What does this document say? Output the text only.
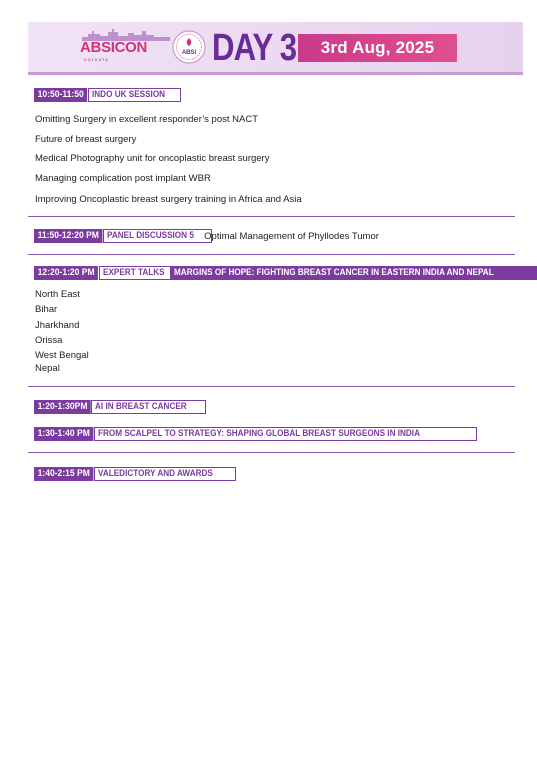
ABSICON
KOLKATA
ABSI DAY 3	3rd Aug, 2025
10:50-11:50 INDO UK SESSION
Omitting Surgery in excellent responder’s post NACT
Future of breast surgery
Medical Photography unit for oncoplastic breast surgery
Managing complication post implant WBR
Improving Oncoplastic breast surgery training in Africa and Asia
11:50-12:20 PM PANEL DISCUSSION 5	Optimal Management of Phyllodes Tumor
12:20-1:20 PM EXPERT TALKS MARGINS OF HOPE: FIGHTING BREAST CANCER IN EASTERN INDIA AND NEPAL
North East
Bihar
Jharkhand
Orissa
West Bengal
Nepal
1:20-1:30PM AI IN BREAST CANCER
1:30-1:40 PM FROM SCALPEL TO STRATEGY: SHAPING GLOBAL BREAST SURGEONS IN INDIA
1:40-2:15 PM VALEDICTORY AND AWARDS
